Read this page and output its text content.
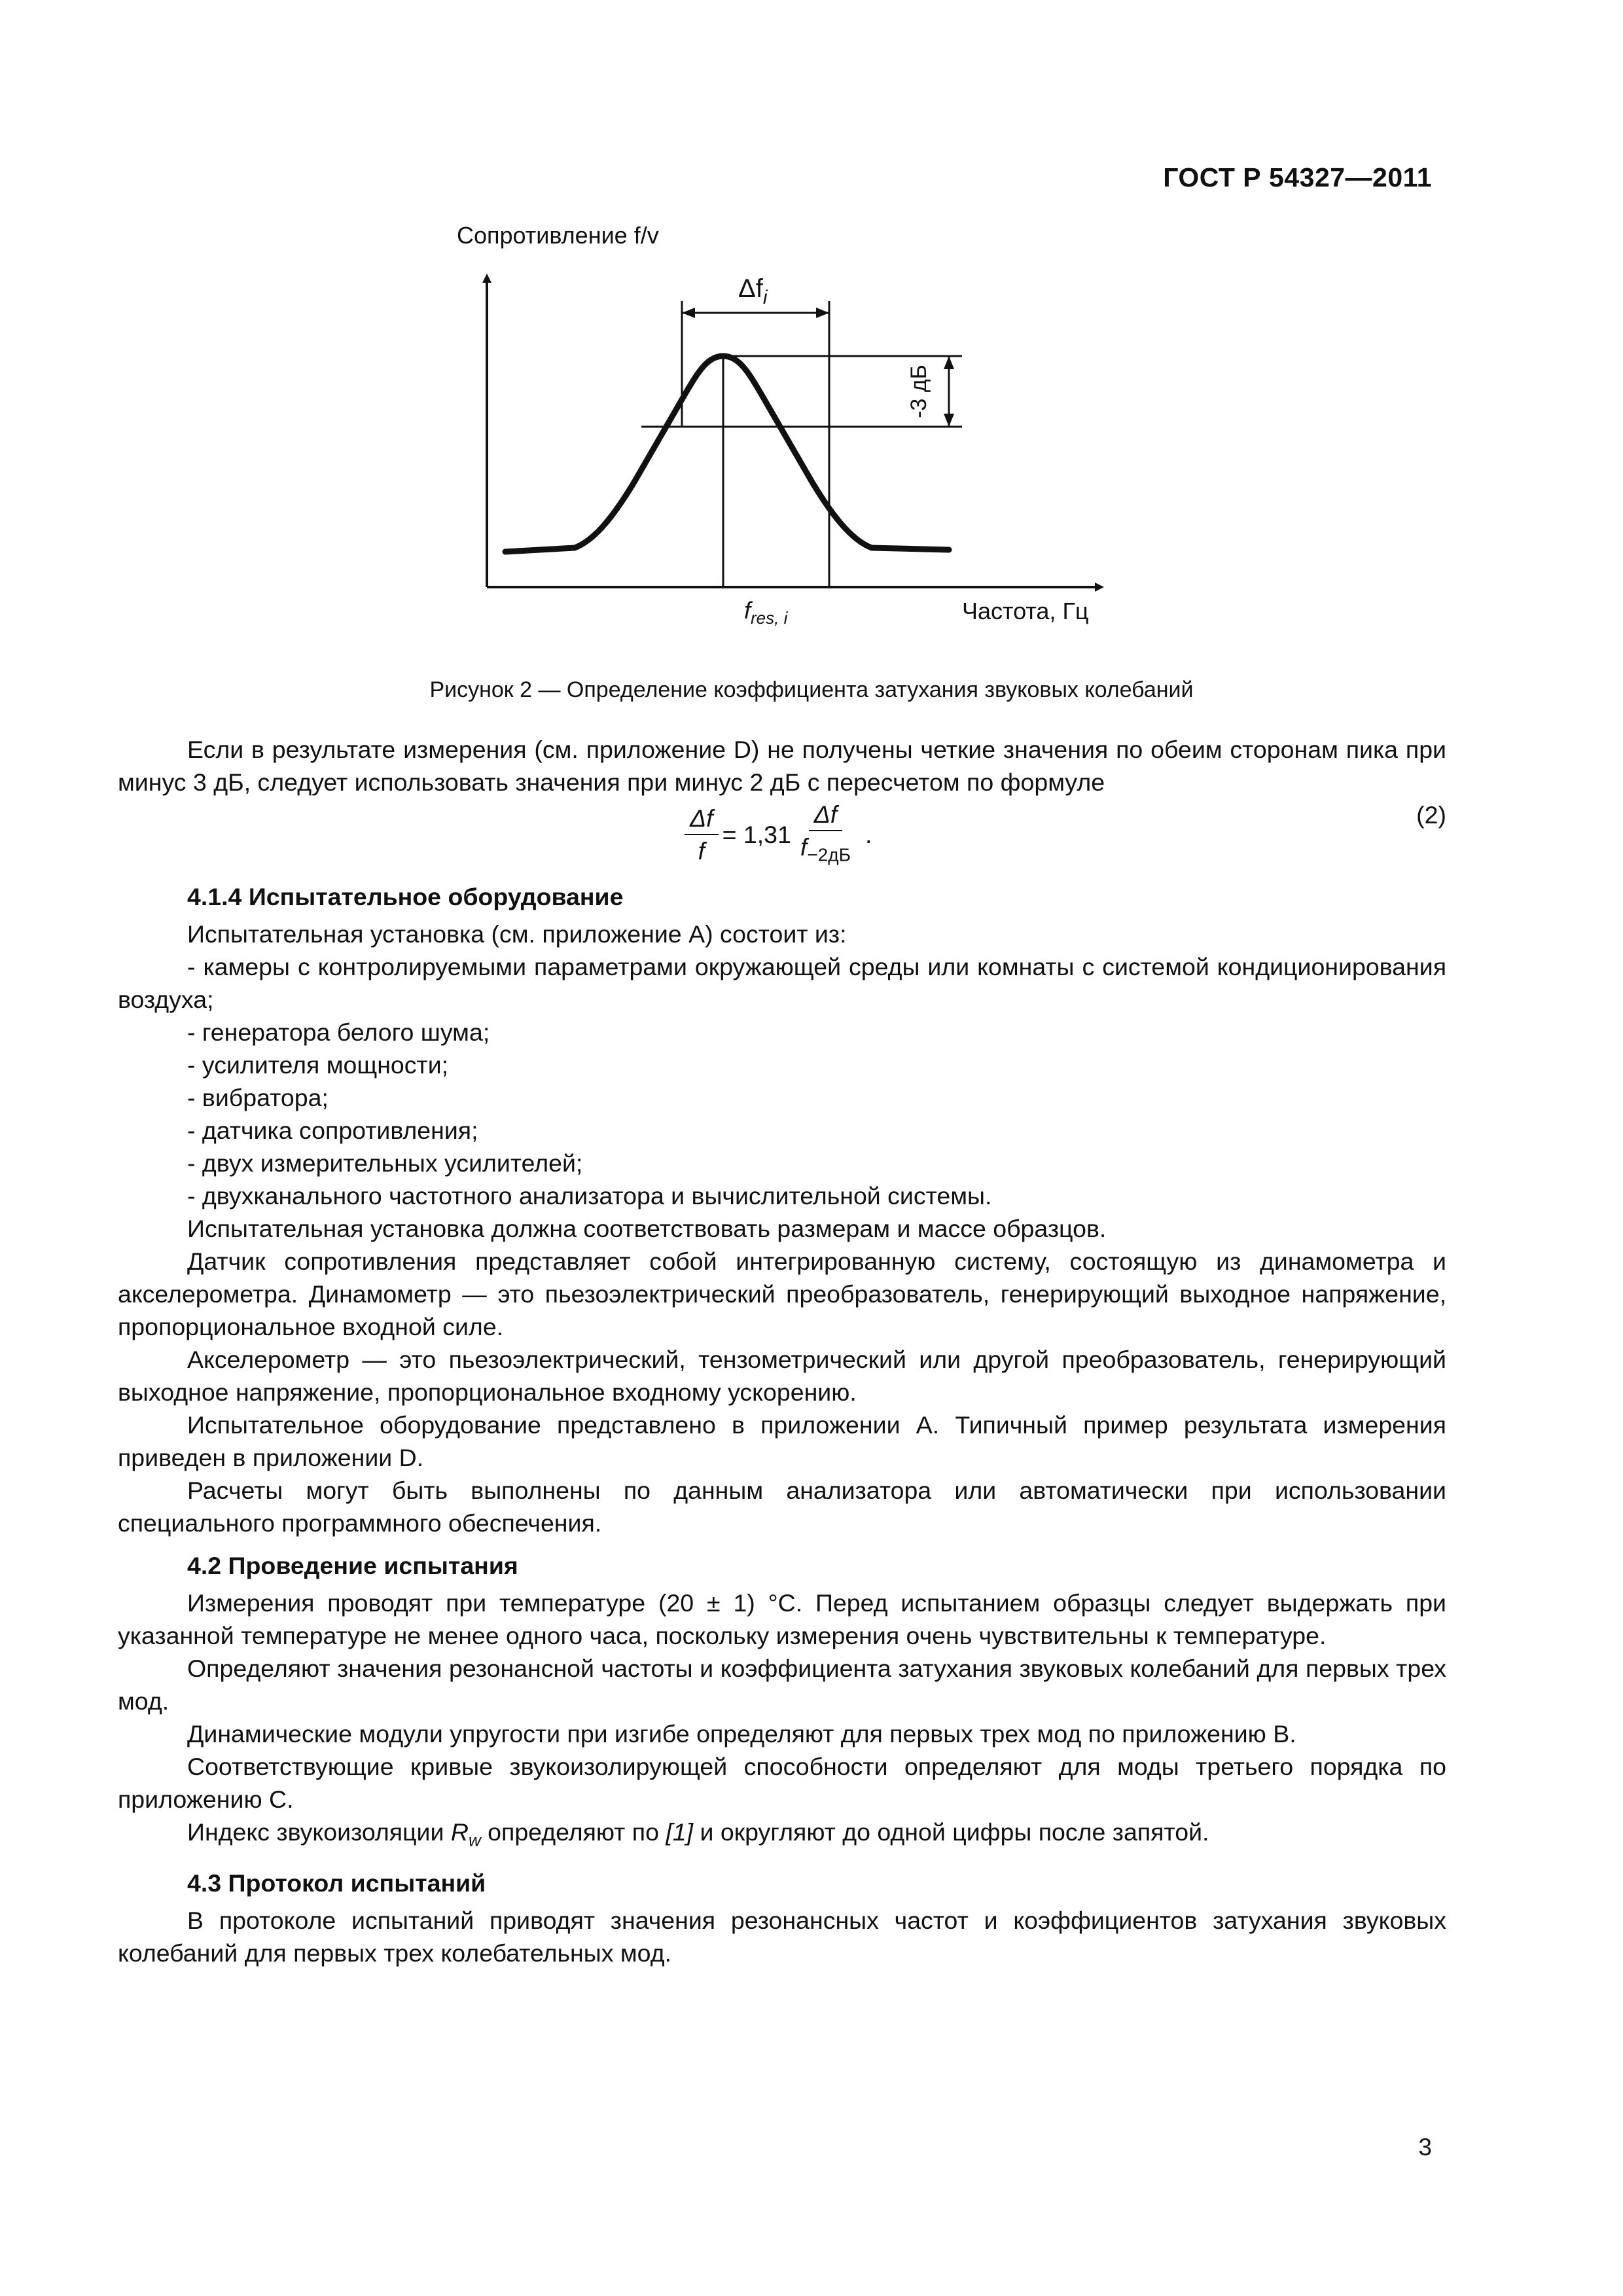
ГОСТ Р 54327—2011
Сопротивление f/v
$\Delta f_i$
-3 дБ
$f_{res, i}$	Частота, Гц
Рисунок 2 — Определение коэффициента затухания звуковых колебаний

Если в результате измерения (см. приложение D) не получены четкие значения по обеим сторонам пика при минус 3 дБ, следует использовать значения при минус 2 дБ с пересчетом по формуле

$\frac{\Delta f}{f} = 1,31 \frac{\Delta f}{f_{-2дБ}}$ .
(2)
4.1.4 Испытательное оборудование

Испытательная установка (см. приложение А) состоит из:

- камеры с контролируемыми параметрами окружающей среды или комнаты с системой кондиционирования воздуха;

- генератора белого шума;

- усилителя мощности;

- вибратора;

- датчика сопротивления;

- двух измерительных усилителей;

- двухканального частотного анализатора и вычислительной системы.

Испытательная установка должна соответствовать размерам и массе образцов.

Датчик сопротивления представляет собой интегрированную систему, состоящую из динамометра и акселерометра. Динамометр — это пьезоэлектрический преобразователь, генерирующий выходное напряжение, пропорциональное входной силе.

Акселерометр — это пьезоэлектрический, тензометрический или другой преобразователь, генерирующий выходное напряжение, пропорциональное входному ускорению.

Испытательное оборудование представлено в приложении А. Типичный пример результата измерения приведен в приложении D.

Расчеты могут быть выполнены по данным анализатора или автоматически при использовании специального программного обеспечения.

4.2 Проведение испытания

Измерения проводят при температуре (20 ± 1) °С. Перед испытанием образцы следует выдержать при указанной температуре не менее одного часа, поскольку измерения очень чувствительны к температуре.

Определяют значения резонансной частоты и коэффициента затухания звуковых колебаний для первых трех мод.

Динамические модули упругости при изгибе определяют для первых трех мод по приложению В.

Соответствующие кривые звукоизолирующей способности определяют для моды третьего порядка по приложению С.

Индекс звукоизоляции $R_w$ определяют по [1] и округляют до одной цифры после запятой.

4.3 Протокол испытаний

В протоколе испытаний приводят значения резонансных частот и коэффициентов затухания звуковых колебаний для первых трех колебательных мод.

3
